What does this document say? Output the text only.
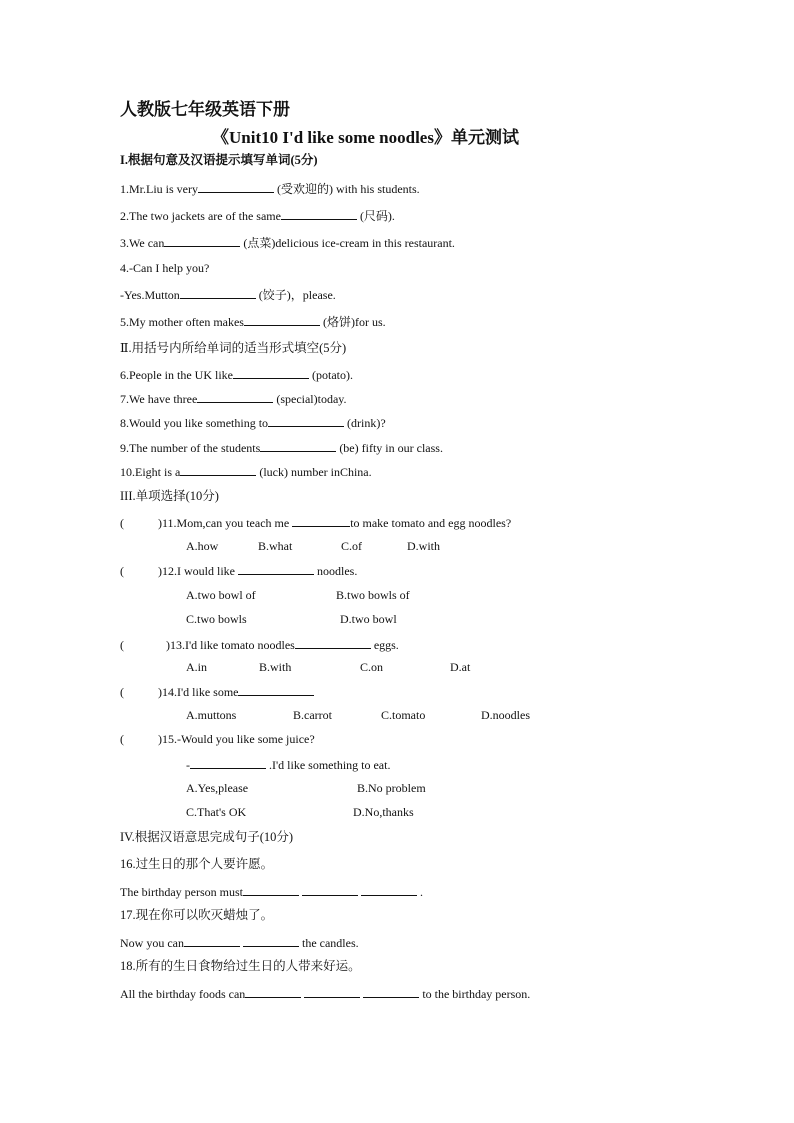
人教版七年级英语下册
《Unit10 I'd like some noodles》单元测试
I.根据句意及汉语提示填写单词(5分)
1.Mr.Liu is very	(受欢迎的) with his students.
2.The two jackets are of the same	(尺码).
3.We can	(点菜)delicious ice-cream in this restaurant.
4.-Can I help you?
-Yes.Mutton	(饺子)，please.
5.My mother often makes	(烙饼)for us.
Ⅱ.用括号内所给单词的适当形式填空(5分)
6.People in the UK like	(potato).
7.We have three	(special)today.
8.Would you like something to	(drink)?
9.The number of the students	(be) fifty in our class.
10.Eight is a	(luck) number inChina.
III.单项选择(10分)
(	)11.Mom,can you teach me	to make tomato and egg noodles?
A.how	B.what	C.of	D.with
(	)12.I would like	noodles.
A.two bowl of	B.two bowls of
C.two bowls	D.two bowl
(	)13.I'd like tomato noodles	eggs.
A.in	B.with	C.on	D.at
(	)14.I'd like some
A.muttons	B.carrot	C.tomato	D.noodles
(	)15.-Would you like some juice?
-	.I'd like something to eat.
A.Yes,please	B.No problem
C.That's OK	D.No,thanks
IV.根据汉语意思完成句子(10分)
16.过生日的那个人要许愿。
The birthday person must	.
17.现在你可以吹灭蜡烛了。
Now you can	the candles.
18.所有的生日食物给过生日的人带来好运。
All the birthday foods can	to the birthday person.
